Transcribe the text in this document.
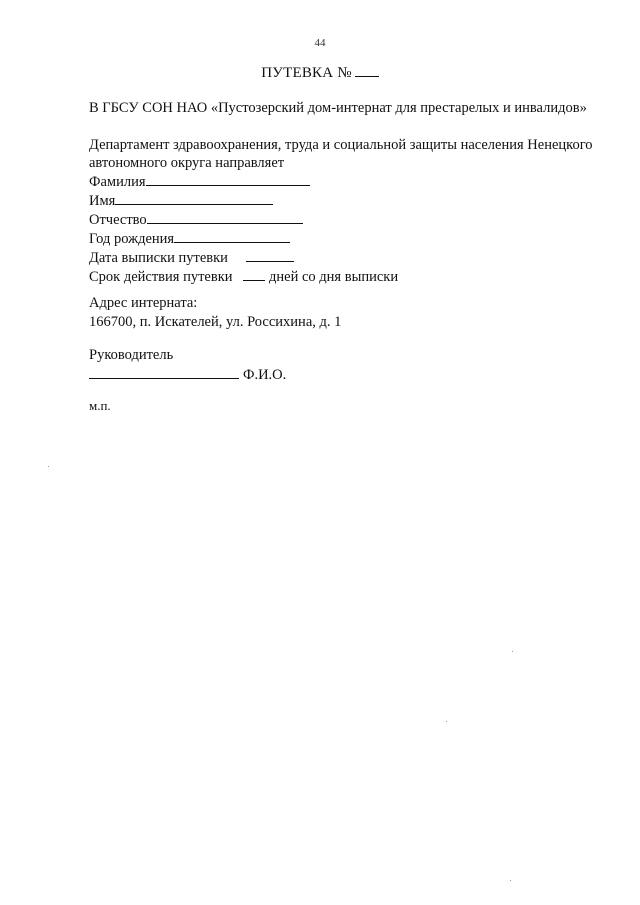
44
ПУТЕВКА №
В ГБСУ СОН НАО «Пустозерский дом-интернат для престарелых и инвалидов»
Департамент здравоохранения, труда и социальной защиты населения Ненецкого автономного округа направляет
Фамилия
Имя
Отчество
Год рождения
Дата выписки путевки
Срок действия путевки	дней со дня выписки
Адрес интерната:
166700, п. Искателей, ул. Россихина, д. 1
Руководитель
Ф.И.О.
м.п.
